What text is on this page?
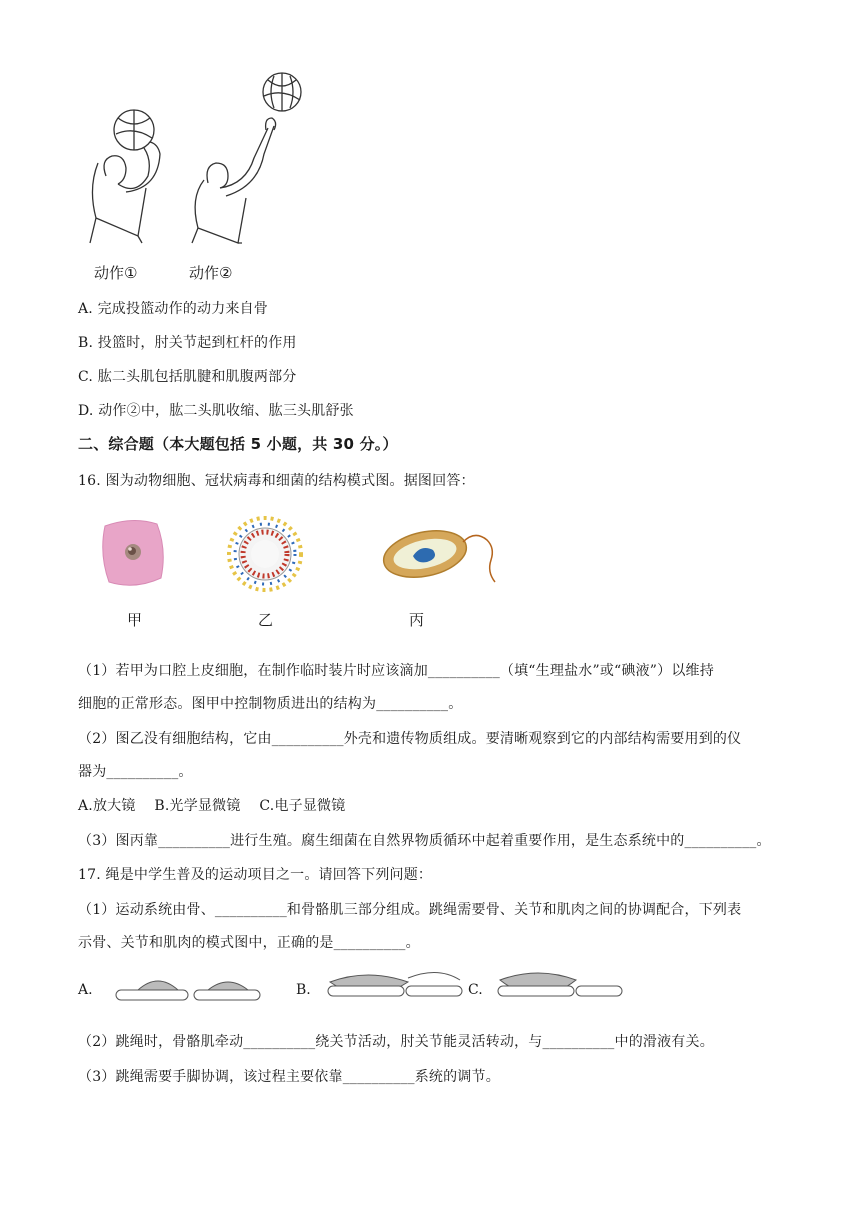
动作①	动作②
A. 完成投篮动作的动力来自骨
B. 投篮时，肘关节起到杠杆的作用
C. 肱二头肌包括肌腱和肌腹两部分
D. 动作②中，肱二头肌收缩、肱三头肌舒张
二、综合题（本大题包括 5 小题，共 30 分。）
16. 图为动物细胞、冠状病毒和细菌的结构模式图。据图回答：
甲	乙	丙
（1）若甲为口腔上皮细胞，在制作临时装片时应该滴加__________（填“生理盐水”或“碘液”）以维持
细胞的正常形态。图甲中控制物质进出的结构为__________。
（2）图乙没有细胞结构，它由__________外壳和遗传物质组成。要清晰观察到它的内部结构需要用到的仪
器为__________。
A.放大镜　 B.光学显微镜　 C.电子显微镜
（3）图丙靠__________进行生殖。腐生细菌在自然界物质循环中起着重要作用，是生态系统中的__________。
17. 绳是中学生普及的运动项目之一。请回答下列问题：
（1）运动系统由骨、__________和骨骼肌三部分组成。跳绳需要骨、关节和肌肉之间的协调配合，下列表
示骨、关节和肌肉的模式图中，正确的是__________。
A.	B.	C.
（2）跳绳时，骨骼肌牵动__________绕关节活动，肘关节能灵活转动，与__________中的滑液有关。
（3）跳绳需要手脚协调，该过程主要依靠__________系统的调节。
